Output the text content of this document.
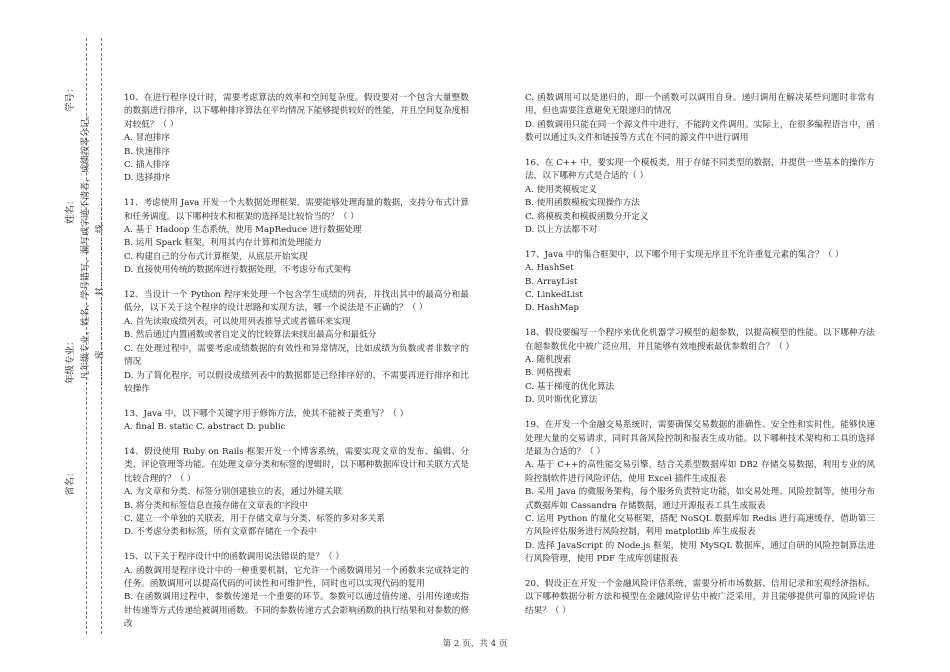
省名：
年级专业：
姓名：
学号：
凡年级专业、姓名、学号错写、漏写或字迹不清者，成绩按零分记。 ………密………………封………………线………

10、在进行程序设计时，需要考虑算法的效率和空间复杂度。假设要对一个包含大量整数的数据进行排序，以下哪种排序算法在平均情况下能够提供较好的性能，并且空间复杂度相对较低？（ ）

A. 冒泡排序

B. 快速排序

C. 插入排序

D. 选择排序

11、考虑使用 Java 开发一个大数据处理框架，需要能够处理海量的数据，支持分布式计算和任务调度。以下哪种技术和框架的选择是比较恰当的？（ ）

A. 基于 Hadoop 生态系统，使用 MapReduce 进行数据处理

B. 运用 Spark 框架，利用其内存计算和流处理能力

C. 构建自己的分布式计算框架，从底层开始实现

D. 直接使用传统的数据库进行数据处理，不考虑分布式架构

12、当设计一个 Python 程序来处理一个包含学生成绩的列表，并找出其中的最高分和最低分，以下关于这个程序的设计思路和实现方法，哪一个说法是不正确的？（ ）

A. 首先读取成绩列表，可以使用列表推导式或者循环来实现

B. 然后通过内置函数或者自定义的比较算法来找出最高分和最低分

C. 在处理过程中，需要考虑成绩数据的有效性和异常情况，比如成绩为负数或者非数字的情况

D. 为了简化程序，可以假设成绩列表中的数据都是已经排序好的，不需要再进行排序和比较操作

13、Java 中，以下哪个关键字用于修饰方法，使其不能被子类重写？（ ）

A. final B. static C. abstract D. public

14、假设使用 Ruby on Rails 框架开发一个博客系统，需要实现文章的发布、编辑、分类、评论管理等功能。在处理文章分类和标签的逻辑时，以下哪种数据库设计和关联方式是比较合理的？（ ）

A. 为文章和分类、标签分别创建独立的表，通过外键关联

B. 将分类和标签信息直接存储在文章表的字段中

C. 建立一个单独的关联表，用于存储文章与分类、标签的多对多关系

D. 不考虑分类和标签，所有文章都存储在一个表中

15、以下关于程序设计中的函数调用说法错误的是？（ ）

A. 函数调用是程序设计中的一种重要机制，它允许一个函数调用另一个函数来完成特定的任务。函数调用可以提高代码的可读性和可维护性，同时也可以实现代码的复用

B. 在函数调用过程中，参数传递是一个重要的环节。参数可以通过值传递、引用传递或指针传递等方式传递给被调用函数。不同的参数传递方式会影响函数的执行结果和对参数的修改

C. 函数调用可以是递归的，即一个函数可以调用自身。递归调用在解决某些问题时非常有用，但也需要注意避免无限递归的情况

D. 函数调用只能在同一个源文件中进行，不能跨文件调用。实际上，在很多编程语言中，函数可以通过头文件和链接等方式在不同的源文件中进行调用

16、在 C++ 中，要实现一个模板类，用于存储不同类型的数据，并提供一些基本的操作方法，以下哪种方式是合适的（ ）

A. 使用类模板定义

B. 使用函数模板实现操作方法

C. 将模板类和模板函数分开定义

D. 以上方法都不对

17、Java 中的集合框架中，以下哪个用于实现无序且不允许重复元素的集合？（ ）

A. HashSet

B. ArrayList

C. LinkedList

D. HashMap

18、假设要编写一个程序来优化机器学习模型的超参数，以提高模型的性能。以下哪种方法在超参数优化中被广泛应用，并且能够有效地搜索最优参数组合？（ ）

A. 随机搜索

B. 网格搜索

C. 基于梯度的优化算法

D. 贝叶斯优化算法

19、在开发一个金融交易系统时，需要确保交易数据的准确性、安全性和实时性，能够快速处理大量的交易请求，同时具备风险控制和报表生成功能。以下哪种技术架构和工具的选择是最为合适的？（ ）

A. 基于 C++的高性能交易引擎，结合关系型数据库如 DB2 存储交易数据，利用专业的风险控制软件进行风险评估，使用 Excel 插件生成报表

B. 采用 Java 的微服务架构，每个服务负责特定功能，如交易处理、风险控制等，使用分布式数据库如 Cassandra 存储数据，通过开源报表工具生成报表

C. 运用 Python 的量化交易框架，搭配 NoSQL 数据库如 Redis 进行高速缓存，借助第三方风险评估服务进行风险控制，利用 matplotlib 库生成报表

D. 选择 JavaScript 的 Node.js 框架，使用 MySQL 数据库，通过自研的风险控制算法进行风险管理，使用 PDF 生成库创建报表

20、假设正在开发一个金融风险评估系统，需要分析市场数据、信用记录和宏观经济指标。以下哪种数据分析方法和模型在金融风险评估中被广泛采用，并且能够提供可靠的风险评估结果？（ ）

第 2 页，共 4 页
